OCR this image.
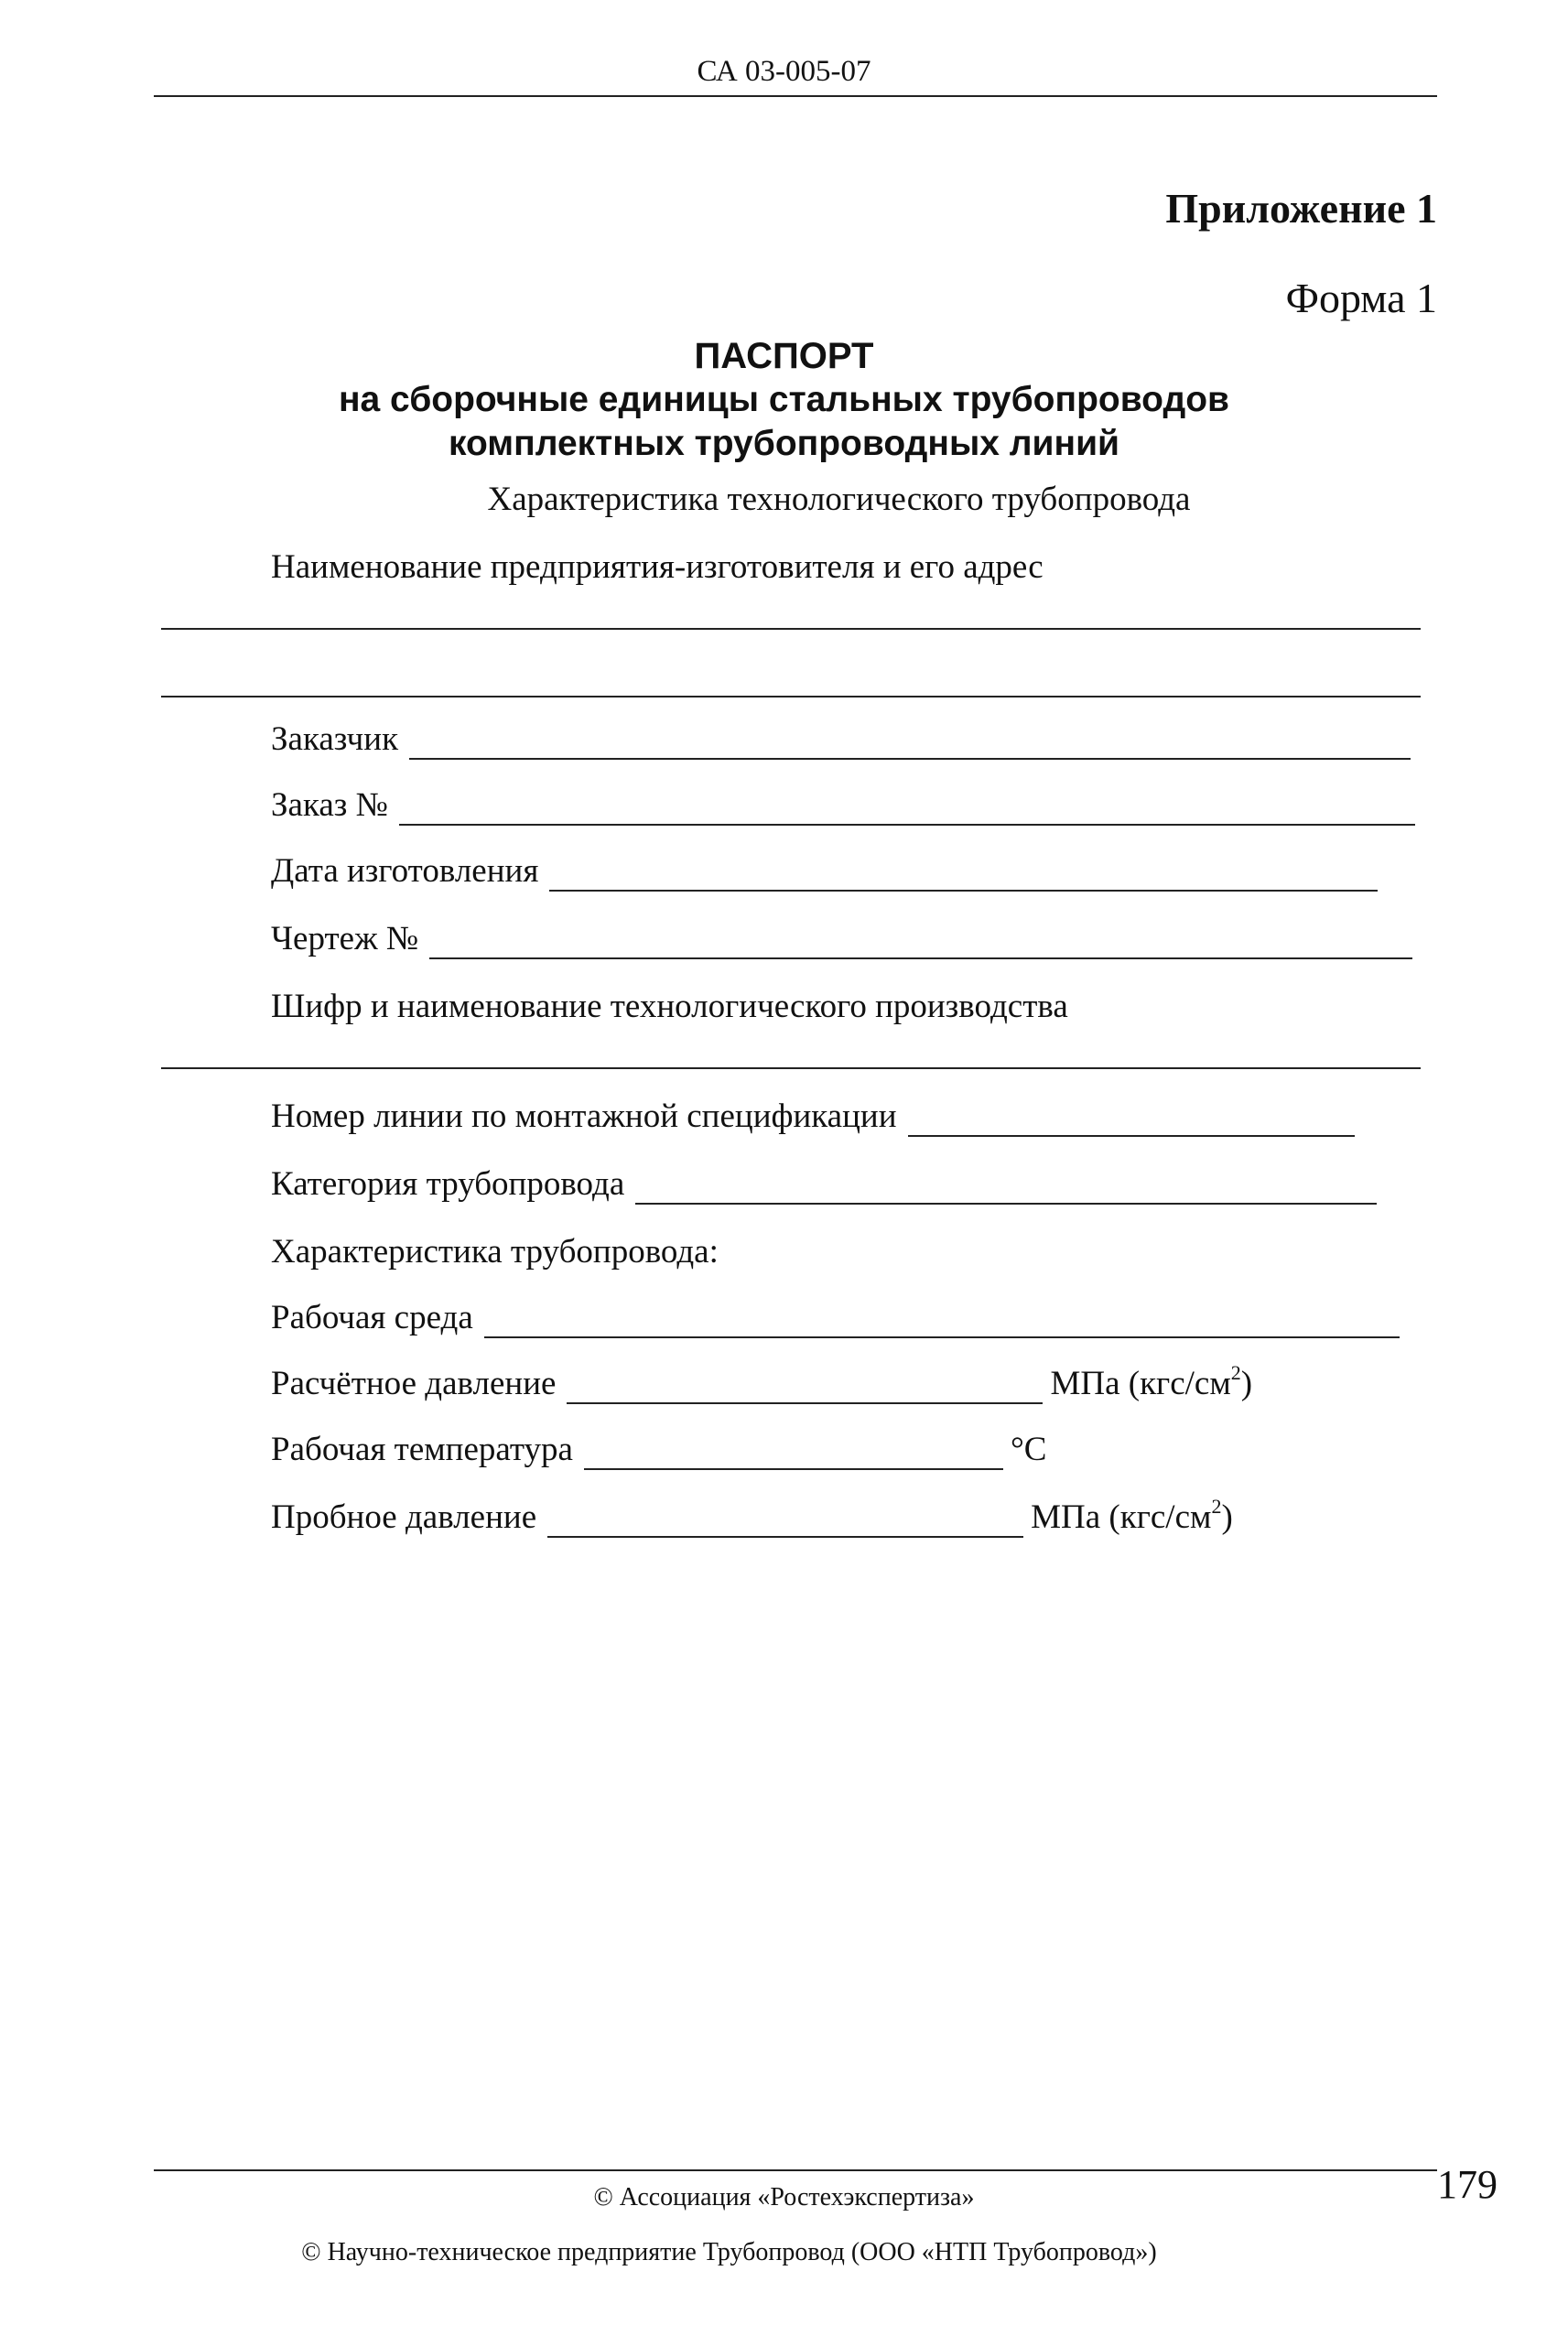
СА 03-005-07
Приложение 1
Форма 1
ПАСПОРТ
на сборочные единицы стальных трубопроводов
комплектных трубопроводных линий
Характеристика технологического трубопровода
Наименование предприятия-изготовителя и его адрес
Заказчик
Заказ №
Дата изготовления
Чертеж №
Шифр и наименование технологического производства
Номер линии по монтажной спецификации
Категория трубопровода
Характеристика трубопровода:
Рабочая среда
Расчётное давление	МПа $(кгс/см^2)$
Рабочая температура	°С
Пробное давление	МПа $(кгс/см^2)$
© Ассоциация «Ростехэкспертиза»
© Научно-техническое предприятие Трубопровод (ООО «НТП Трубопровод»)
179
